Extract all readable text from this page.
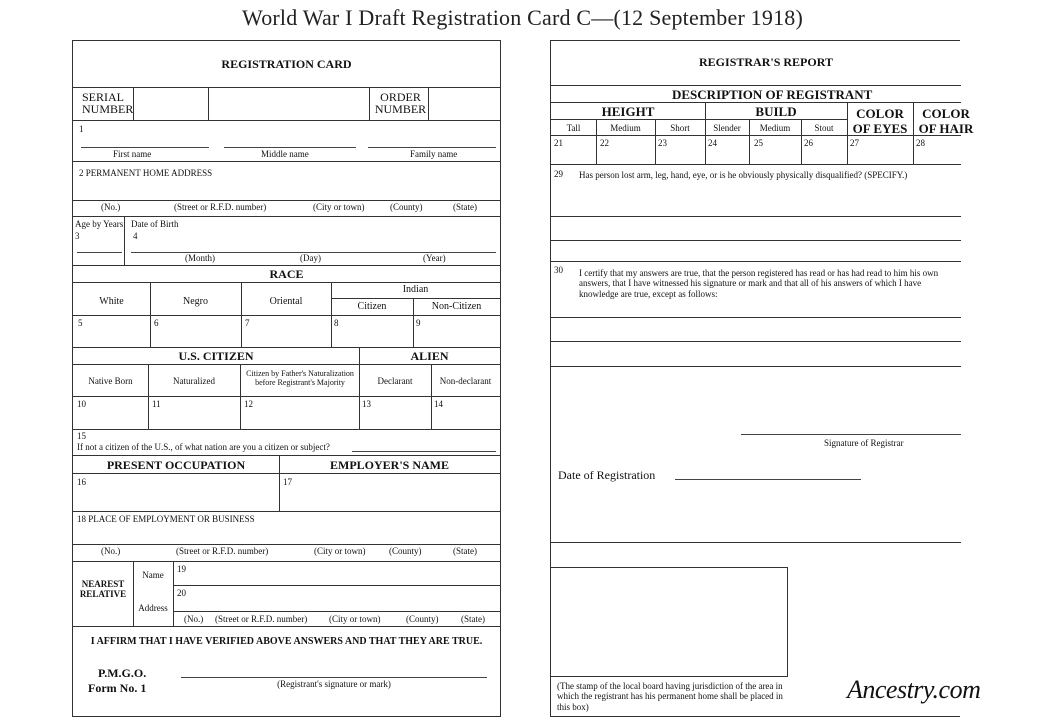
World War I Draft Registration Card C—(12 September 1918)
REGISTRATION CARD
SERIAL NUMBER
ORDER NUMBER
1
First name	Middle name	Family name
2 PERMANENT HOME ADDRESS
(No.)	(Street or R.F.D. number)	(City or town)	(County)	(State)
Age by Years
3
Date of Birth
4
(Month)	(Day)	(Year)
RACE
White	Negro	Oriental
Indian
Citizen	Non-Citizen
5	6	7	8	9
U.S. CITIZEN	ALIEN
Native Born	Naturalized
Citizen by Father's Naturalization before Registrant's Majority	Declarant	Non-declarant
10	11	12	13	14
15
If not a citizen of the U.S., of what nation are you a citizen or subject?
PRESENT OCCUPATION	EMPLOYER'S NAME
16	17
18 PLACE OF EMPLOYMENT OR BUSINESS
(No.)	(Street or R.F.D. number)	(City or town)	(County)	(State)
NEAREST RELATIVE
Name
Address
19
20
(No.) (Street or R.F.D. number) (City or town)	(County)	(State)
I AFFIRM THAT I HAVE VERIFIED ABOVE ANSWERS AND THAT THEY ARE TRUE.
P.M.G.O.
Form No. 1	(Registrant's signature or mark)
REGISTRAR'S REPORT
DESCRIPTION OF REGISTRANT
HEIGHT	BUILD	COLOR OF EYES
COLOR OF HAIR
Tall	Medium	Short	Slender	Medium	Stout
21	22	23	24	25	26	27	28
29 Has person lost arm, leg, hand, eye, or is he obviously physically disqualified? (SPECIFY.)
30 I certify that my answers are true, that the person registered has read or has had read to him his own answers, that I have witnessed his signature or mark and that all of his answers of which I have knowledge are true, except as follows:
Signature of Registrar
Date of Registration
(The stamp of the local board having jurisdiction of the area in which the registrant has his permanent home shall be placed in this box)
Ancestry.com
